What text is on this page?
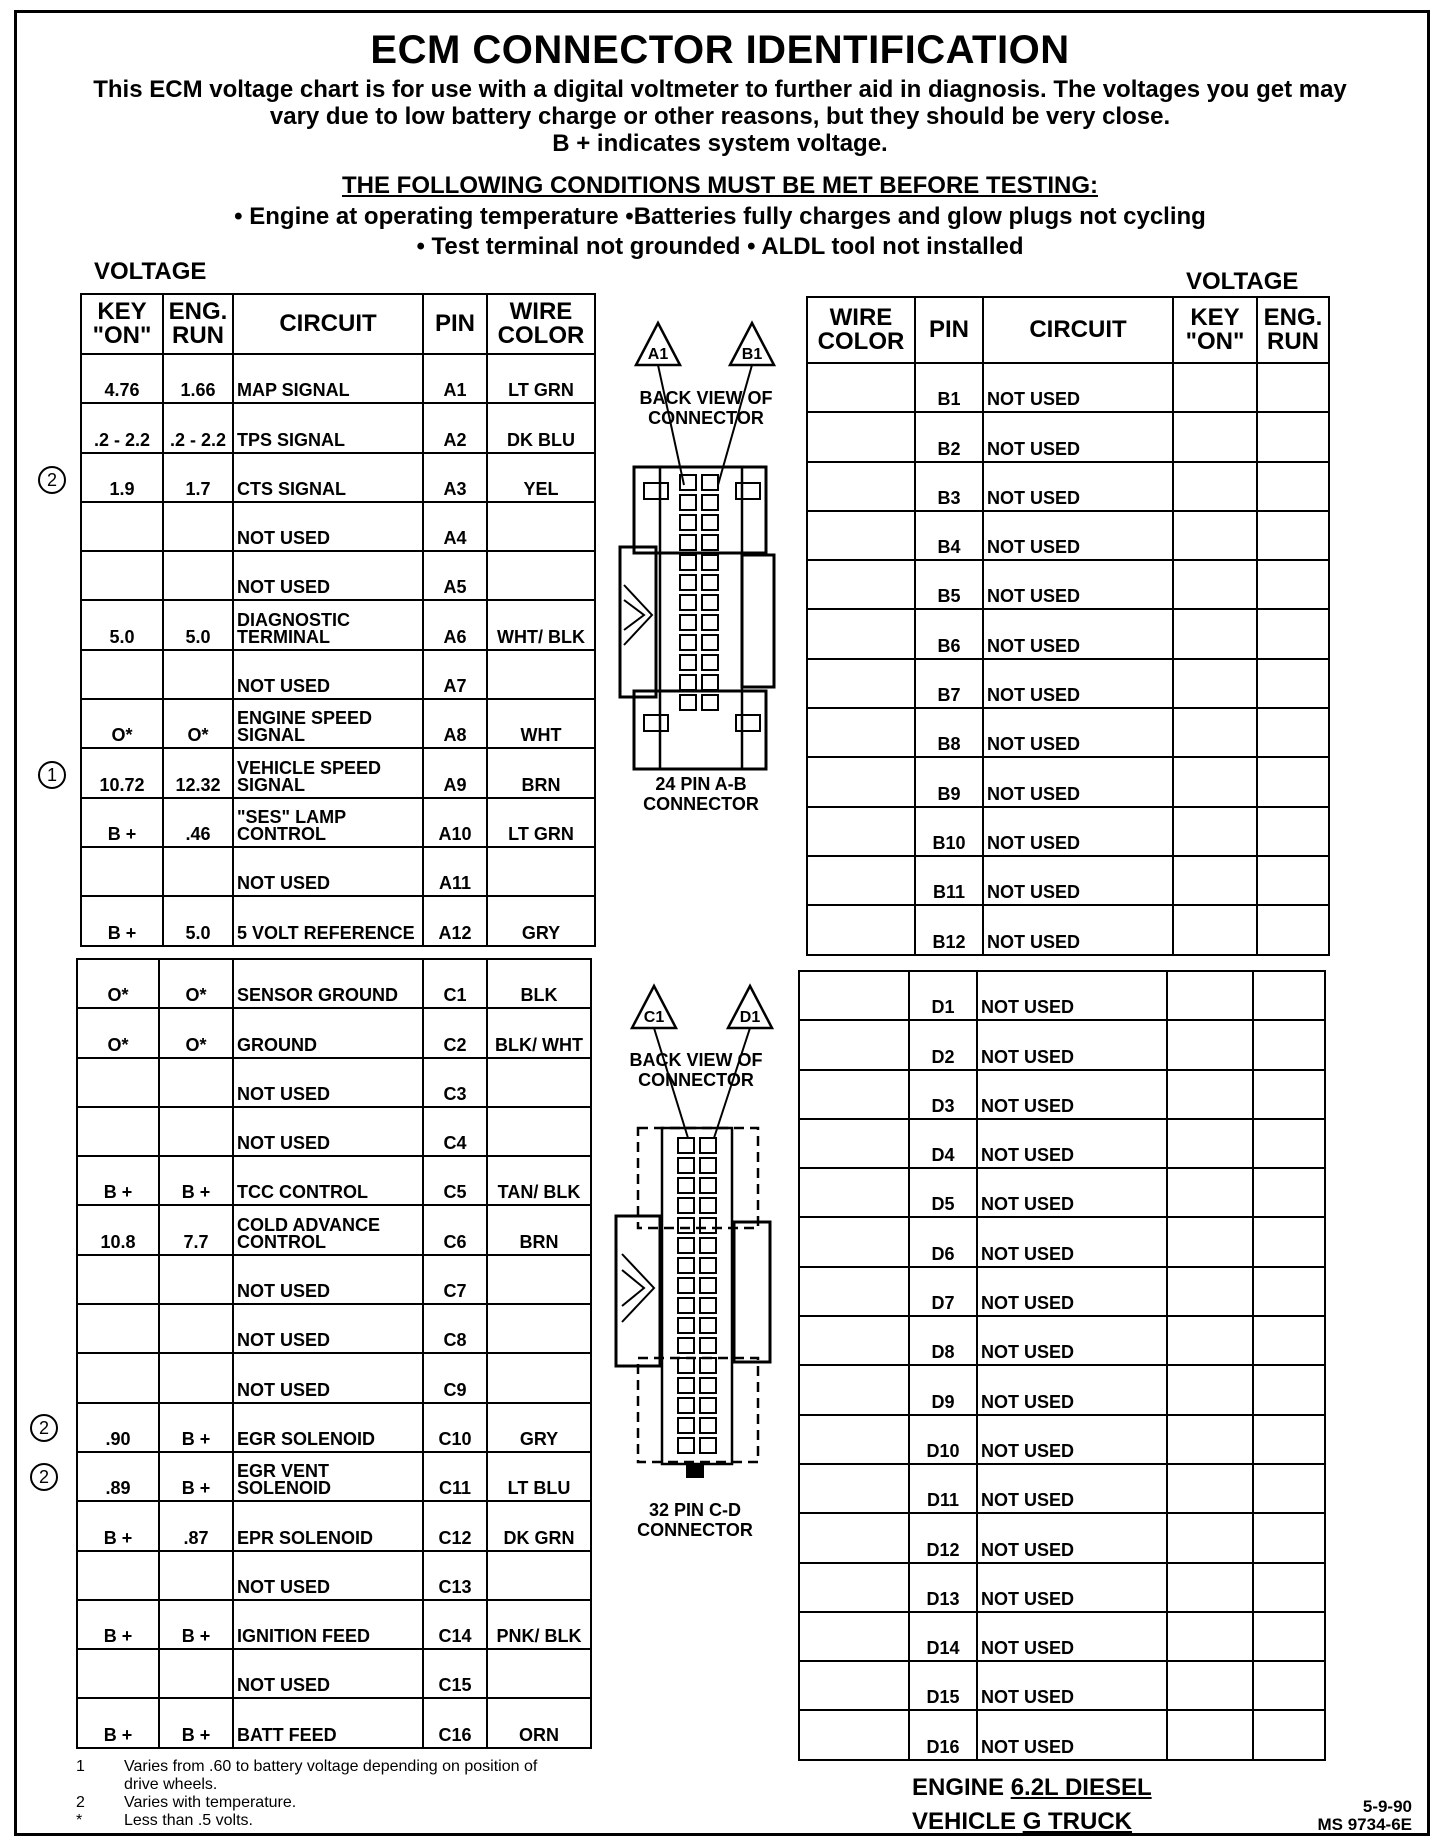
ECM CONNECTOR IDENTIFICATION
This ECM voltage chart is for use with a digital voltmeter to further aid in diagnosis. The voltages you get may vary due to low battery charge or other reasons, but they should be very close.
B + indicates system voltage.
THE FOLLOWING CONDITIONS MUST BE MET BEFORE TESTING:
• Engine at operating temperature •Batteries fully charges and glow plugs not cycling
• Test terminal not grounded • ALDL tool not installed
VOLTAGE	VOLTAGE
KEY "ON"	ENG. RUN	CIRCUIT	PIN	WIRE COLOR
4.76	1.66	MAP SIGNAL	A1	LT GRN
.2 - 2.2	.2 - 2.2	TPS SIGNAL	A2	DK BLU
1.9	1.7	CTS SIGNAL	A3	YEL
		NOT USED	A4	
		NOT USED	A5	
5.0	5.0	DIAGNOSTIC TERMINAL	A6	WHT/ BLK
		NOT USED	A7	
O*	O*	ENGINE SPEED SIGNAL	A8	WHT
10.72	12.32	VEHICLE SPEED SIGNAL	A9	BRN
B +	.46	"SES" LAMP CONTROL	A10	LT GRN
		NOT USED	A11	
B +	5.0	5 VOLT REFERENCE	A12	GRY
O*	O*	SENSOR GROUND	C1	BLK
O*	O*	GROUND	C2	BLK/ WHT
		NOT USED	C3	
		NOT USED	C4	
B +	B +	TCC CONTROL	C5	TAN/ BLK
10.8	7.7	COLD ADVANCE CONTROL	C6	BRN
		NOT USED	C7	
		NOT USED	C8	
		NOT USED	C9	
.90	B +	EGR SOLENOID	C10	GRY
.89	B +	EGR VENT SOLENOID	C11	LT BLU
B +	.87	EPR SOLENOID	C12	DK GRN
		NOT USED	C13	
B +	B +	IGNITION FEED	C14	PNK/ BLK
		NOT USED	C15	
B +	B +	BATT FEED	C16	ORN
WIRE COLOR	PIN	CIRCUIT	KEY "ON"	ENG. RUN
	B1	NOT USED		
	B2	NOT USED		
	B3	NOT USED		
	B4	NOT USED		
	B5	NOT USED		
	B6	NOT USED		
	B7	NOT USED		
	B8	NOT USED		
	B9	NOT USED		
	B10	NOT USED		
	B11	NOT USED		
	B12	NOT USED		
	D1	NOT USED		
	D2	NOT USED		
	D3	NOT USED		
	D4	NOT USED		
	D5	NOT USED		
	D6	NOT USED		
	D7	NOT USED		
	D8	NOT USED		
	D9	NOT USED		
	D10	NOT USED		
	D11	NOT USED		
	D12	NOT USED		
	D13	NOT USED		
	D14	NOT USED		
	D15	NOT USED		
	D16	NOT USED		
2
1
2
2
A1	B1
BACK VIEW OF CONNECTOR
24 PIN A-B CONNECTOR
C1	D1
BACK VIEW OF CONNECTOR
32 PIN C-D CONNECTOR
1	Varies from .60 to battery voltage depending on position of drive wheels.
2	Varies with temperature.
*	Less than .5 volts.
ENGINE 6.2L DIESEL
VEHICLE G TRUCK
5-9-90
MS 9734-6E
